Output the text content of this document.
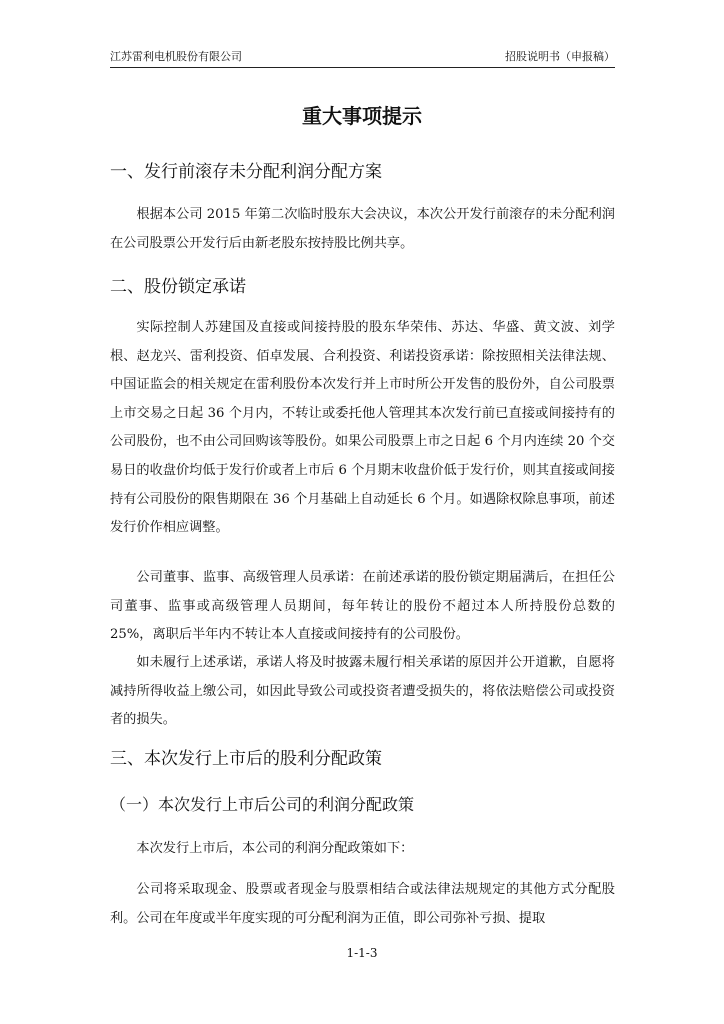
江苏雷利电机股份有限公司	招股说明书（申报稿）
重大事项提示
一、发行前滚存未分配利润分配方案

根据本公司 2015 年第二次临时股东大会决议，本次公开发行前滚存的未分配利润在公司股票公开发行后由新老股东按持股比例共享。

二、股份锁定承诺

实际控制人苏建国及直接或间接持股的股东华荣伟、苏达、华盛、黄文波、刘学根、赵龙兴、雷利投资、佰卓发展、合利投资、利诺投资承诺：除按照相关法律法规、中国证监会的相关规定在雷利股份本次发行并上市时所公开发售的股份外，自公司股票上市交易之日起 36 个月内，不转让或委托他人管理其本次发行前已直接或间接持有的公司股份，也不由公司回购该等股份。如果公司股票上市之日起 6 个月内连续 20 个交易日的收盘价均低于发行价或者上市后 6 个月期末收盘价低于发行价，则其直接或间接持有公司股份的限售期限在 36 个月基础上自动延长 6 个月。如遇除权除息事项，前述发行价作相应调整。

公司董事、监事、高级管理人员承诺：在前述承诺的股份锁定期届满后，在担任公司董事、监事或高级管理人员期间，每年转让的股份不超过本人所持股份总数的 25%，离职后半年内不转让本人直接或间接持有的公司股份。

如未履行上述承诺，承诺人将及时披露未履行相关承诺的原因并公开道歉，自愿将减持所得收益上缴公司，如因此导致公司或投资者遭受损失的，将依法赔偿公司或投资者的损失。

三、本次发行上市后的股利分配政策
（一）本次发行上市后公司的利润分配政策

本次发行上市后，本公司的利润分配政策如下：

公司将采取现金、股票或者现金与股票相结合或法律法规规定的其他方式分配股利。公司在年度或半年度实现的可分配利润为正值，即公司弥补亏损、提取

1-1-3
